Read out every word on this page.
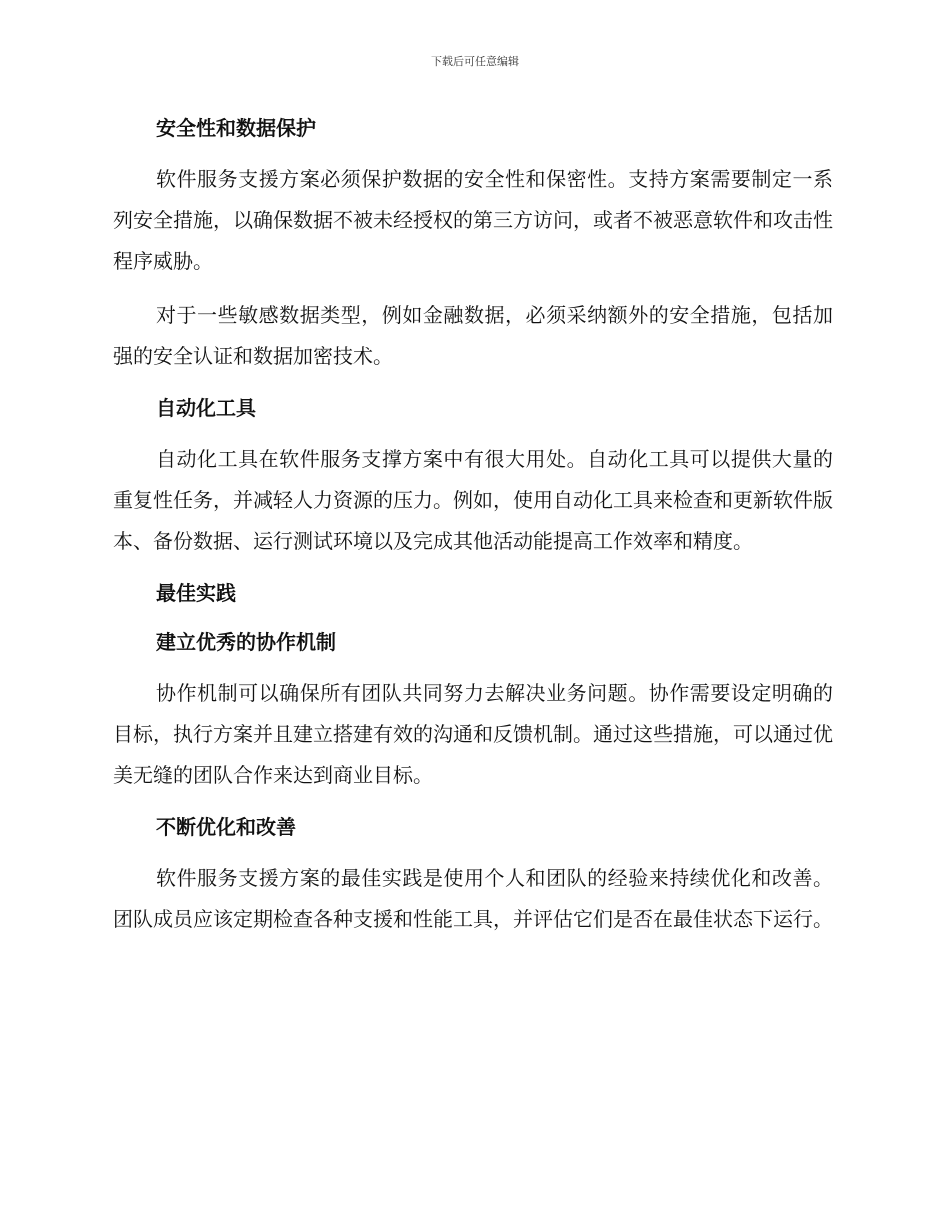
下载后可任意编辑
安全性和数据保护

软件服务支援方案必须保护数据的安全性和保密性。支持方案需要制定一系列安全措施，以确保数据不被未经授权的第三方访问，或者不被恶意软件和攻击性程序威胁。

对于一些敏感数据类型，例如金融数据，必须采纳额外的安全措施，包括加强的安全认证和数据加密技术。

自动化工具

自动化工具在软件服务支撑方案中有很大用处。自动化工具可以提供大量的重复性任务，并减轻人力资源的压力。例如，使用自动化工具来检查和更新软件版本、备份数据、运行测试环境以及完成其他活动能提高工作效率和精度。

最佳实践
建立优秀的协作机制

协作机制可以确保所有团队共同努力去解决业务问题。协作需要设定明确的目标，执行方案并且建立搭建有效的沟通和反馈机制。通过这些措施，可以通过优美无缝的团队合作来达到商业目标。

不断优化和改善

软件服务支援方案的最佳实践是使用个人和团队的经验来持续优化和改善。团队成员应该定期检查各种支援和性能工具，并评估它们是否在最佳状态下运行。
